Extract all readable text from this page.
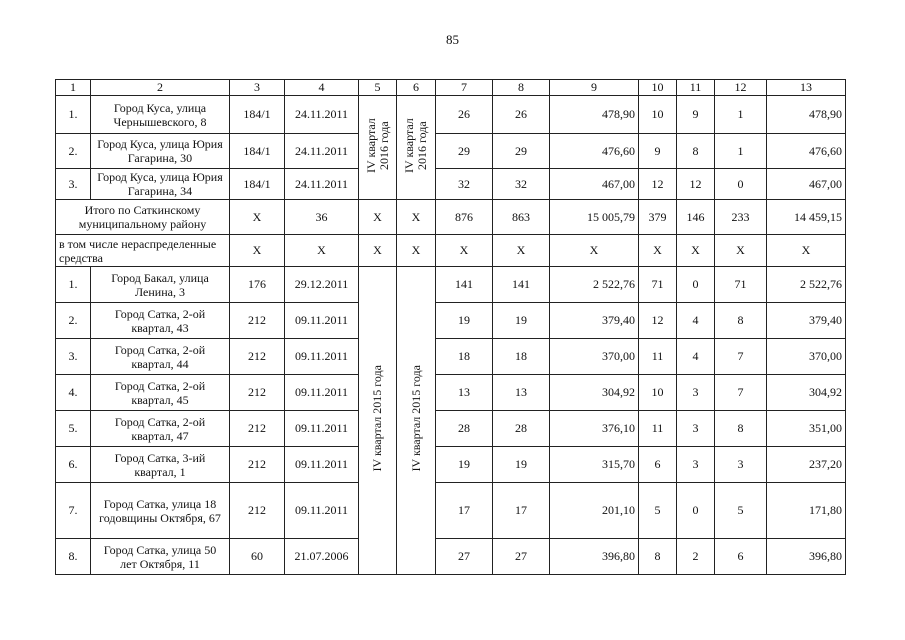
85
1	2	3	4	5	6	7	8	9	10	11	12	13
1.	Город Куса, улица Чернышевского, 8	184/1	24.11.2011	IV квартал 2016 года	IV квартал 2016 года	26	26	478,90	10	9	1	478,90
2.	Город Куса, улица Юрия Гагарина, 30	184/1	24.11.2011			29	29	476,60	9	8	1	476,60
3.	Город Куса, улица Юрия Гагарина, 34	184/1	24.11.2011			32	32	467,00	12	12	0	467,00
Итого по Саткинскому муниципальному району		X	36	X	X	876	863	15 005,79	379	146	233	14 459,15
в том числе нераспределенные средства		X	X	X	X	X	X	X	X	X	X	X
1.	Город Бакал, улица Ленина, 3	176	29.12.2011	IV квартал 2015 года	IV квартал 2015 года	141	141	2 522,76	71	0	71	2 522,76
2.	Город Сатка, 2-ой квартал, 43	212	09.11.2011			19	19	379,40	12	4	8	379,40
3.	Город Сатка, 2-ой квартал, 44	212	09.11.2011			18	18	370,00	11	4	7	370,00
4.	Город Сатка, 2-ой квартал, 45	212	09.11.2011			13	13	304,92	10	3	7	304,92
5.	Город Сатка, 2-ой квартал, 47	212	09.11.2011			28	28	376,10	11	3	8	351,00
6.	Город Сатка, 3-ий квартал, 1	212	09.11.2011			19	19	315,70	6	3	3	237,20
7.	Город Сатка, улица 18 годовщины Октября, 67	212	09.11.2011			17	17	201,10	5	0	5	171,80
8.	Город Сатка, улица 50 лет Октября, 11	60	21.07.2006			27	27	396,80	8	2	6	396,80
